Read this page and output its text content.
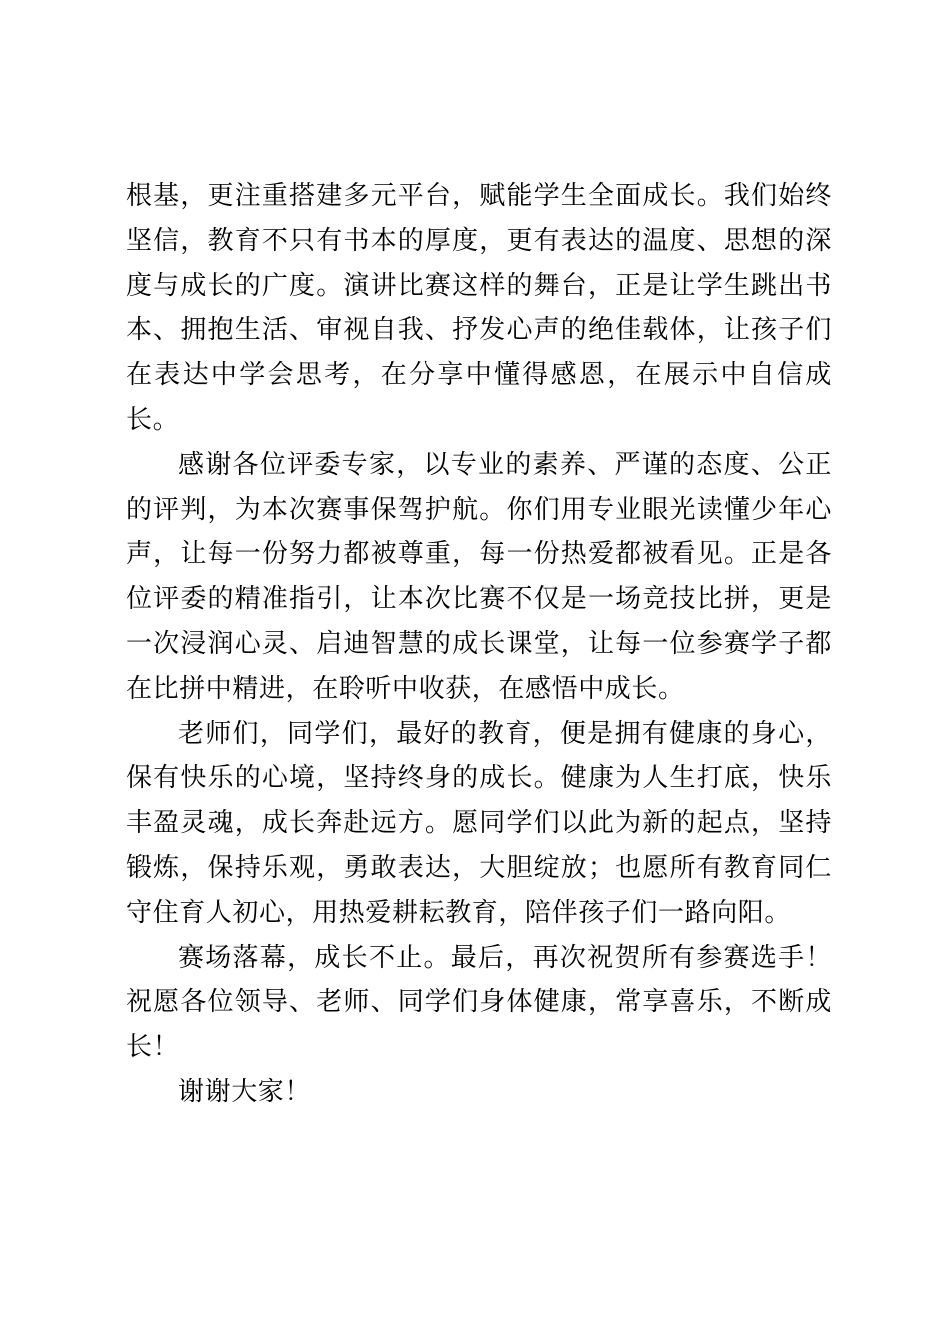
根基，更注重搭建多元平台，赋能学生全面成长。我们始终坚信，教育不只有书本的厚度，更有表达的温度、思想的深度与成长的广度。演讲比赛这样的舞台，正是让学生跳出书本、拥抱生活、审视自我、抒发心声的绝佳载体，让孩子们在表达中学会思考，在分享中懂得感恩，在展示中自信成长。

感谢各位评委专家，以专业的素养、严谨的态度、公正的评判，为本次赛事保驾护航。你们用专业眼光读懂少年心声，让每一份努力都被尊重，每一份热爱都被看见。正是各位评委的精准指引，让本次比赛不仅是一场竞技比拼，更是一次浸润心灵、启迪智慧的成长课堂，让每一位参赛学子都在比拼中精进，在聆听中收获，在感悟中成长。

老师们，同学们，最好的教育，便是拥有健康的身心，保有快乐的心境，坚持终身的成长。健康为人生打底，快乐丰盈灵魂，成长奔赴远方。愿同学们以此为新的起点，坚持锻炼，保持乐观，勇敢表达，大胆绽放；也愿所有教育同仁守住育人初心，用热爱耕耘教育，陪伴孩子们一路向阳。

赛场落幕，成长不止。最后，再次祝贺所有参赛选手！祝愿各位领导、老师、同学们身体健康，常享喜乐，不断成长！

谢谢大家！
